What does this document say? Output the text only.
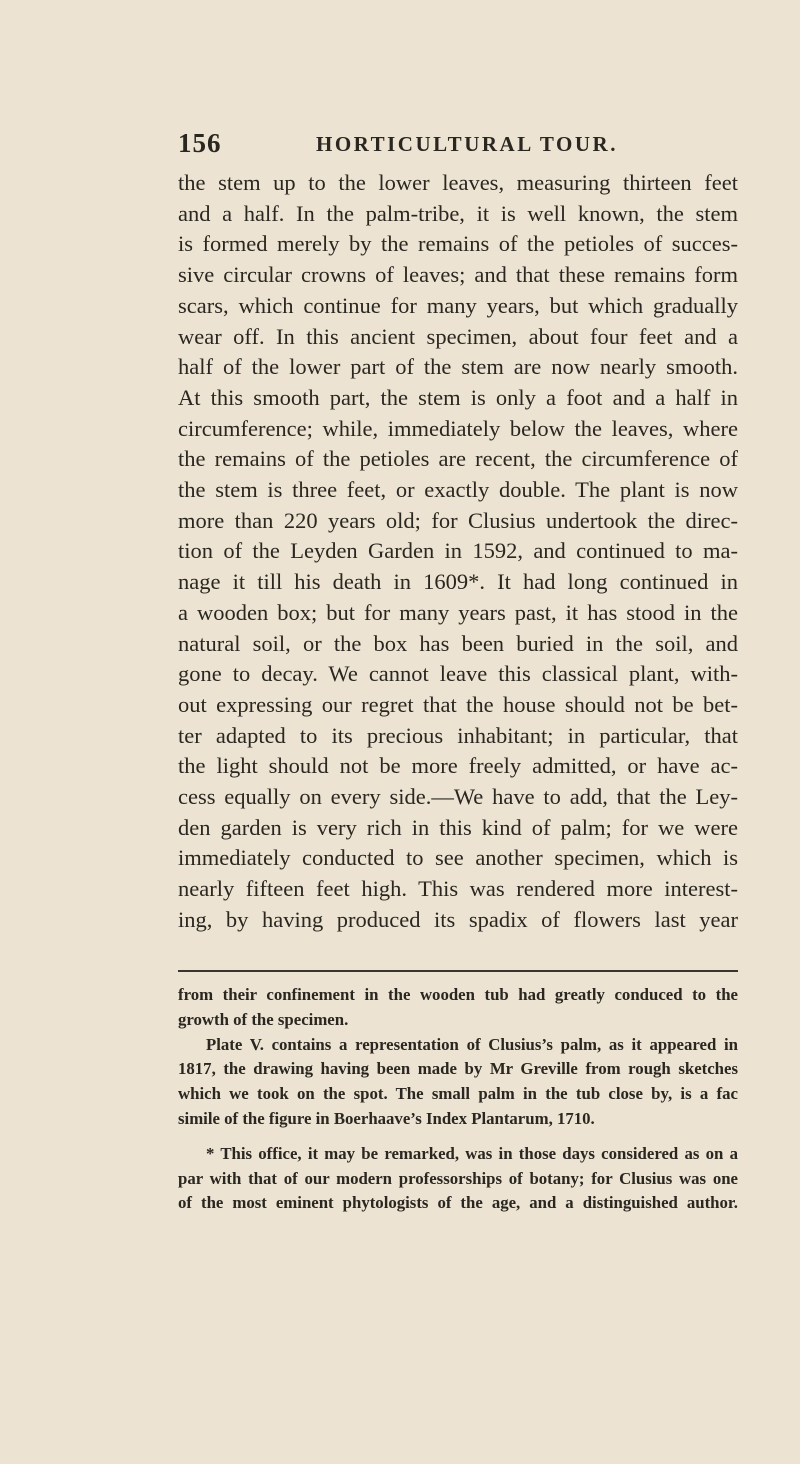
156	HORTICULTURAL TOUR.
the stem up to the lower leaves, measuring thirteen feet
and a half. In the palm-tribe, it is well known, the stem
is formed merely by the remains of the petioles of succes-
sive circular crowns of leaves; and that these remains form
scars, which continue for many years, but which gradually
wear off. In this ancient specimen, about four feet and a
half of the lower part of the stem are now nearly smooth.
At this smooth part, the stem is only a foot and a half in
circumference; while, immediately below the leaves, where
the remains of the petioles are recent, the circumference of
the stem is three feet, or exactly double. The plant is now
more than 220 years old; for Clusius undertook the direc-
tion of the Leyden Garden in 1592, and continued to ma-
nage it till his death in 1609*. It had long continued in
a wooden box; but for many years past, it has stood in the
natural soil, or the box has been buried in the soil, and
gone to decay. We cannot leave this classical plant, with-
out expressing our regret that the house should not be bet-
ter adapted to its precious inhabitant; in particular, that
the light should not be more freely admitted, or have ac-
cess equally on every side.—We have to add, that the Ley-
den garden is very rich in this kind of palm; for we were
immediately conducted to see another specimen, which is
nearly fifteen feet high. This was rendered more interest-
ing, by having produced its spadix of flowers last year
from their confinement in the wooden tub had greatly conduced to the
growth of the specimen.
Plate V. contains a representation of Clusius’s palm, as it appeared in
1817, the drawing having been made by Mr Greville from rough sketches
which we took on the spot. The small palm in the tub close by, is a fac
simile of the figure in Boerhaave’s Index Plantarum, 1710.
* This office, it may be remarked, was in those days considered as on a
par with that of our modern professorships of botany; for Clusius was one
of the most eminent phytologists of the age, and a distinguished author.
